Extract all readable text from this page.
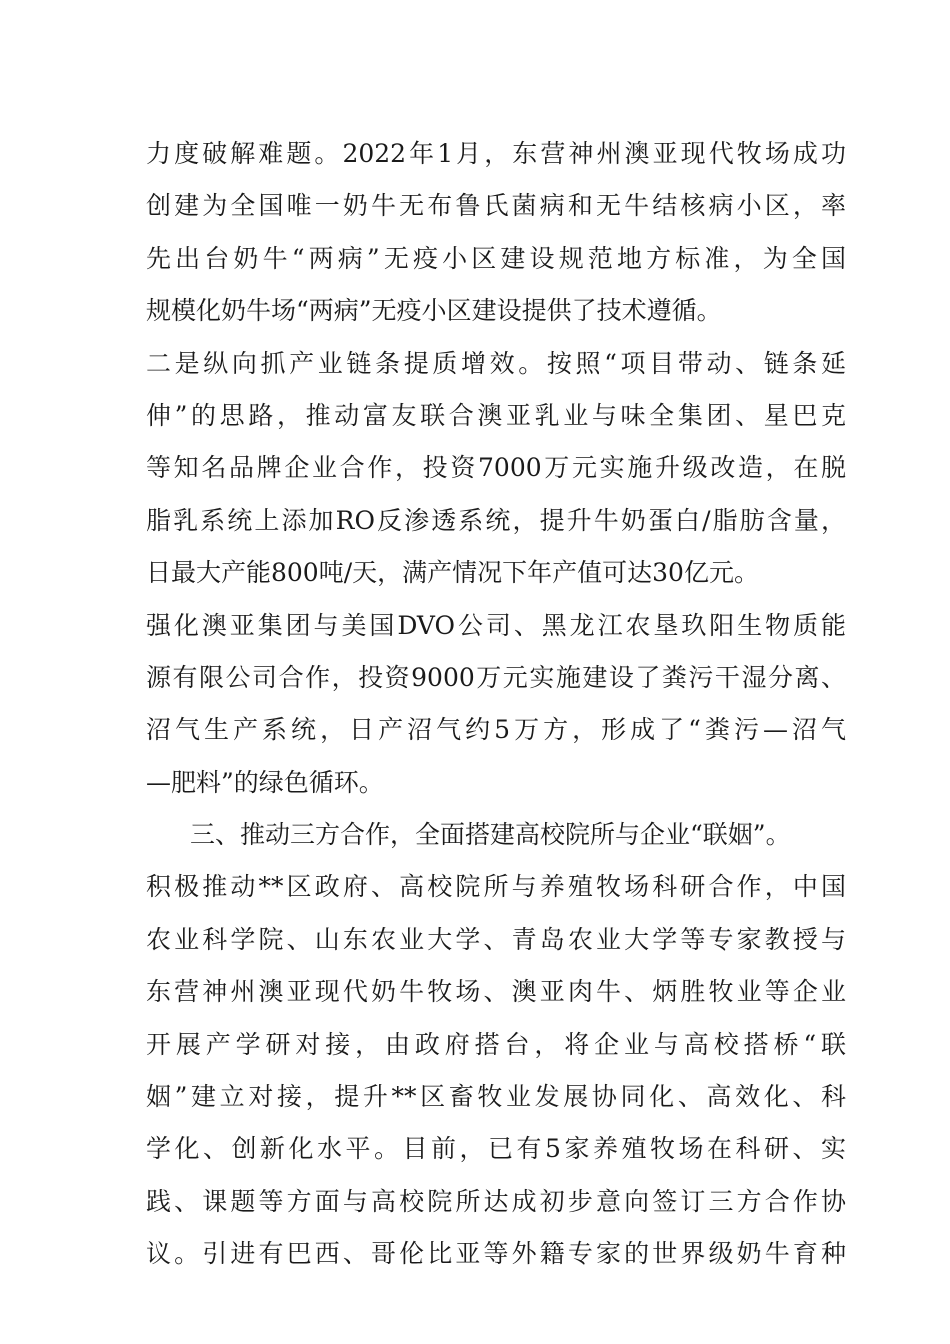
力度破解难题。2022年1月，东营神州澳亚现代牧场成功
创建为全国唯一奶牛无布鲁氏菌病和无牛结核病小区，率
先出台奶牛“两病”无疫小区建设规范地方标准，为全国
规模化奶牛场“两病”无疫小区建设提供了技术遵循。
二是纵向抓产业链条提质增效。按照“项目带动、链条延
伸”的思路，推动富友联合澳亚乳业与味全集团、星巴克
等知名品牌企业合作，投资7000万元实施升级改造，在脱
脂乳系统上添加RO反渗透系统，提升牛奶蛋白/脂肪含量，
日最大产能800吨/天，满产情况下年产值可达30亿元。
强化澳亚集团与美国DVO公司、黑龙江农垦玖阳生物质能
源有限公司合作，投资9000万元实施建设了粪污干湿分离、
沼气生产系统，日产沼气约5万方，形成了“粪污—沼气
—肥料”的绿色循环。
三、推动三方合作，全面搭建高校院所与企业“联姻”。
积极推动**区政府、高校院所与养殖牧场科研合作，中国
农业科学院、山东农业大学、青岛农业大学等专家教授与
东营神州澳亚现代奶牛牧场、澳亚肉牛、炳胜牧业等企业
开展产学研对接，由政府搭台，将企业与高校搭桥“联
姻”建立对接，提升**区畜牧业发展协同化、高效化、科
学化、创新化水平。目前，已有5家养殖牧场在科研、实
践、课题等方面与高校院所达成初步意向签订三方合作协
议。引进有巴西、哥伦比亚等外籍专家的世界级奶牛育种
